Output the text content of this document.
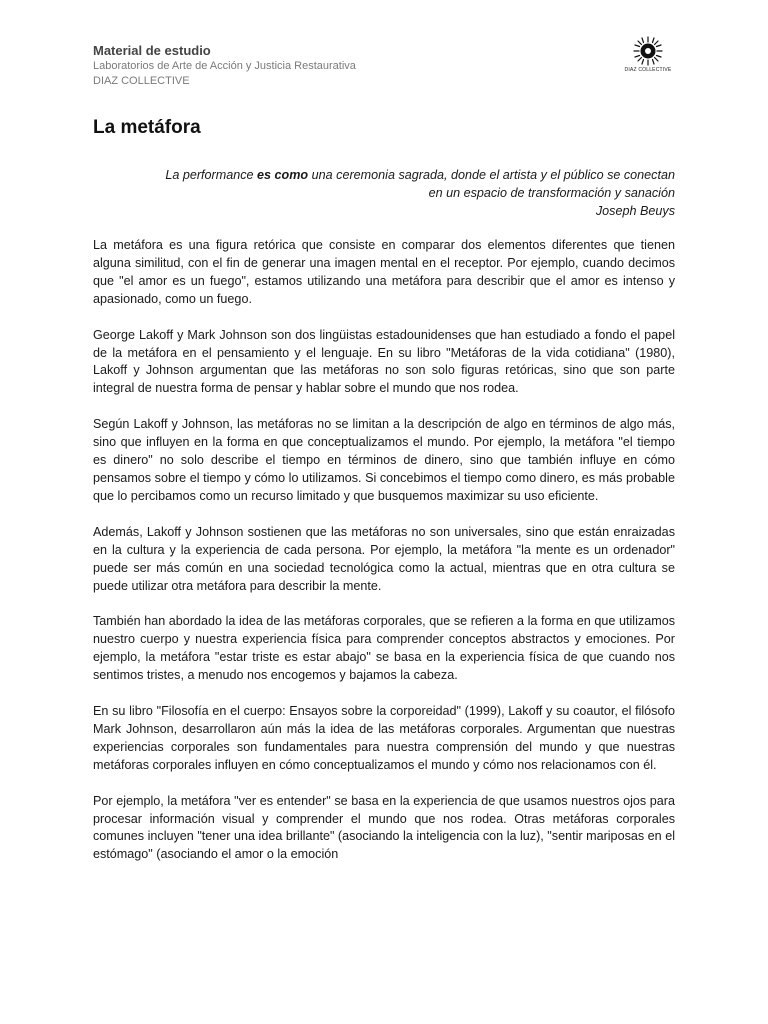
Material de estudio
Laboratorios de Arte de Acción y Justicia Restaurativa
DIAZ COLLECTIVE
DIAZ COLLECTIVE
La metáfora
La performance es como una ceremonia sagrada, donde el artista y el público se conectan
en un espacio de transformación y sanación
Joseph Beuys

La metáfora es una figura retórica que consiste en comparar dos elementos diferentes que tienen alguna similitud, con el fin de generar una imagen mental en el receptor. Por ejemplo, cuando decimos que "el amor es un fuego", estamos utilizando una metáfora para describir que el amor es intenso y apasionado, como un fuego.

George Lakoff y Mark Johnson son dos lingüistas estadounidenses que han estudiado a fondo el papel de la metáfora en el pensamiento y el lenguaje. En su libro "Metáforas de la vida cotidiana" (1980), Lakoff y Johnson argumentan que las metáforas no son solo figuras retóricas, sino que son parte integral de nuestra forma de pensar y hablar sobre el mundo que nos rodea.

Según Lakoff y Johnson, las metáforas no se limitan a la descripción de algo en términos de algo más, sino que influyen en la forma en que conceptualizamos el mundo. Por ejemplo, la metáfora "el tiempo es dinero" no solo describe el tiempo en términos de dinero, sino que también influye en cómo pensamos sobre el tiempo y cómo lo utilizamos. Si concebimos el tiempo como dinero, es más probable que lo percibamos como un recurso limitado y que busquemos maximizar su uso eficiente.

Además, Lakoff y Johnson sostienen que las metáforas no son universales, sino que están enraizadas en la cultura y la experiencia de cada persona. Por ejemplo, la metáfora "la mente es un ordenador" puede ser más común en una sociedad tecnológica como la actual, mientras que en otra cultura se puede utilizar otra metáfora para describir la mente.

También han abordado la idea de las metáforas corporales, que se refieren a la forma en que utilizamos nuestro cuerpo y nuestra experiencia física para comprender conceptos abstractos y emociones. Por ejemplo, la metáfora "estar triste es estar abajo" se basa en la experiencia física de que cuando nos sentimos tristes, a menudo nos encogemos y bajamos la cabeza.

En su libro "Filosofía en el cuerpo: Ensayos sobre la corporeidad" (1999), Lakoff y su coautor, el filósofo Mark Johnson, desarrollaron aún más la idea de las metáforas corporales. Argumentan que nuestras experiencias corporales son fundamentales para nuestra comprensión del mundo y que nuestras metáforas corporales influyen en cómo conceptualizamos el mundo y cómo nos relacionamos con él.

Por ejemplo, la metáfora "ver es entender" se basa en la experiencia de que usamos nuestros ojos para procesar información visual y comprender el mundo que nos rodea. Otras metáforas corporales comunes incluyen "tener una idea brillante" (asociando la inteligencia con la luz), "sentir mariposas en el estómago" (asociando el amor o la emoción
